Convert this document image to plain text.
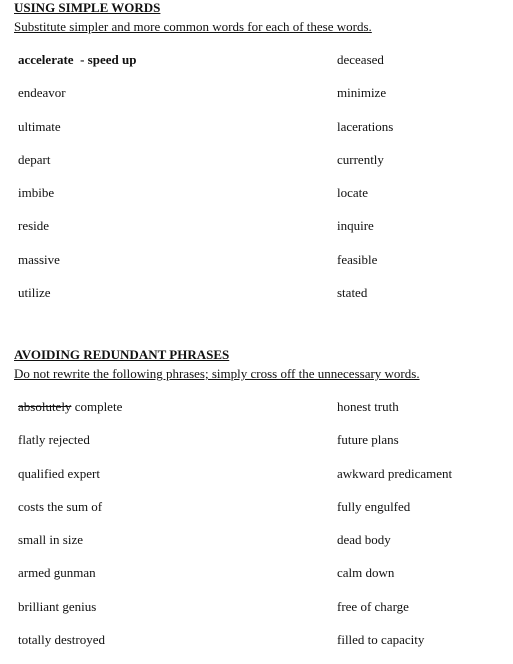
USING SIMPLE WORDS
Substitute simpler and more common words for each of these words.
accelerate  - speed up	deceased
endeavor	minimize
ultimate	lacerations
depart	currently
imbibe	locate
reside	inquire
massive	feasible
utilize	stated
AVOIDING REDUNDANT PHRASES
Do not rewrite the following phrases; simply cross off the unnecessary words.
absolutely complete	honest truth
flatly rejected	future plans
qualified expert	awkward predicament
costs the sum of	fully engulfed
small in size	dead body
armed gunman	calm down
brilliant genius	free of charge
totally destroyed	filled to capacity
